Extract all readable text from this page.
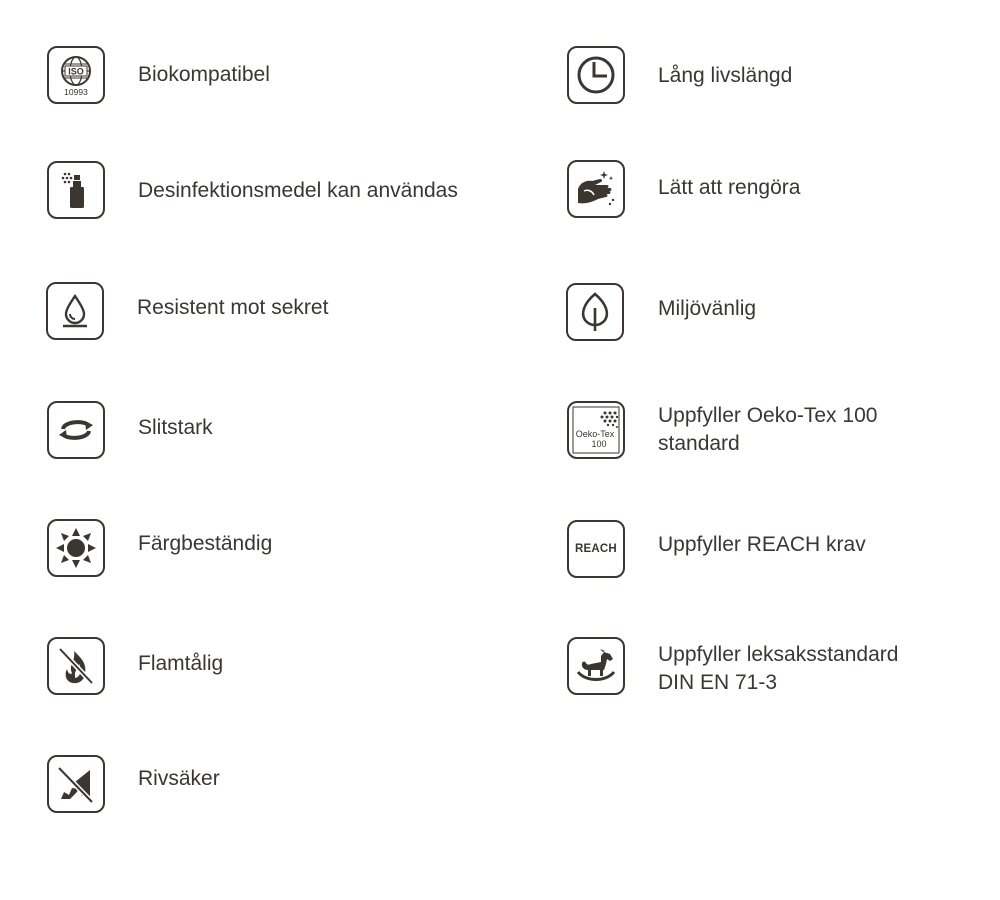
ISO
10993
Biokompatibel
Desinfektionsmedel kan användas
Resistent mot sekret
Slitstark
Färgbeständig
Flamtålig
Rivsäker
Lång livslängd
Lätt att rengöra
Miljövänlig
Oeko-Tex
100
Uppfyller Oeko-Tex 100
standard
REACH Uppfyller REACH krav
Uppfyller leksaksstandard
DIN EN 71-3
